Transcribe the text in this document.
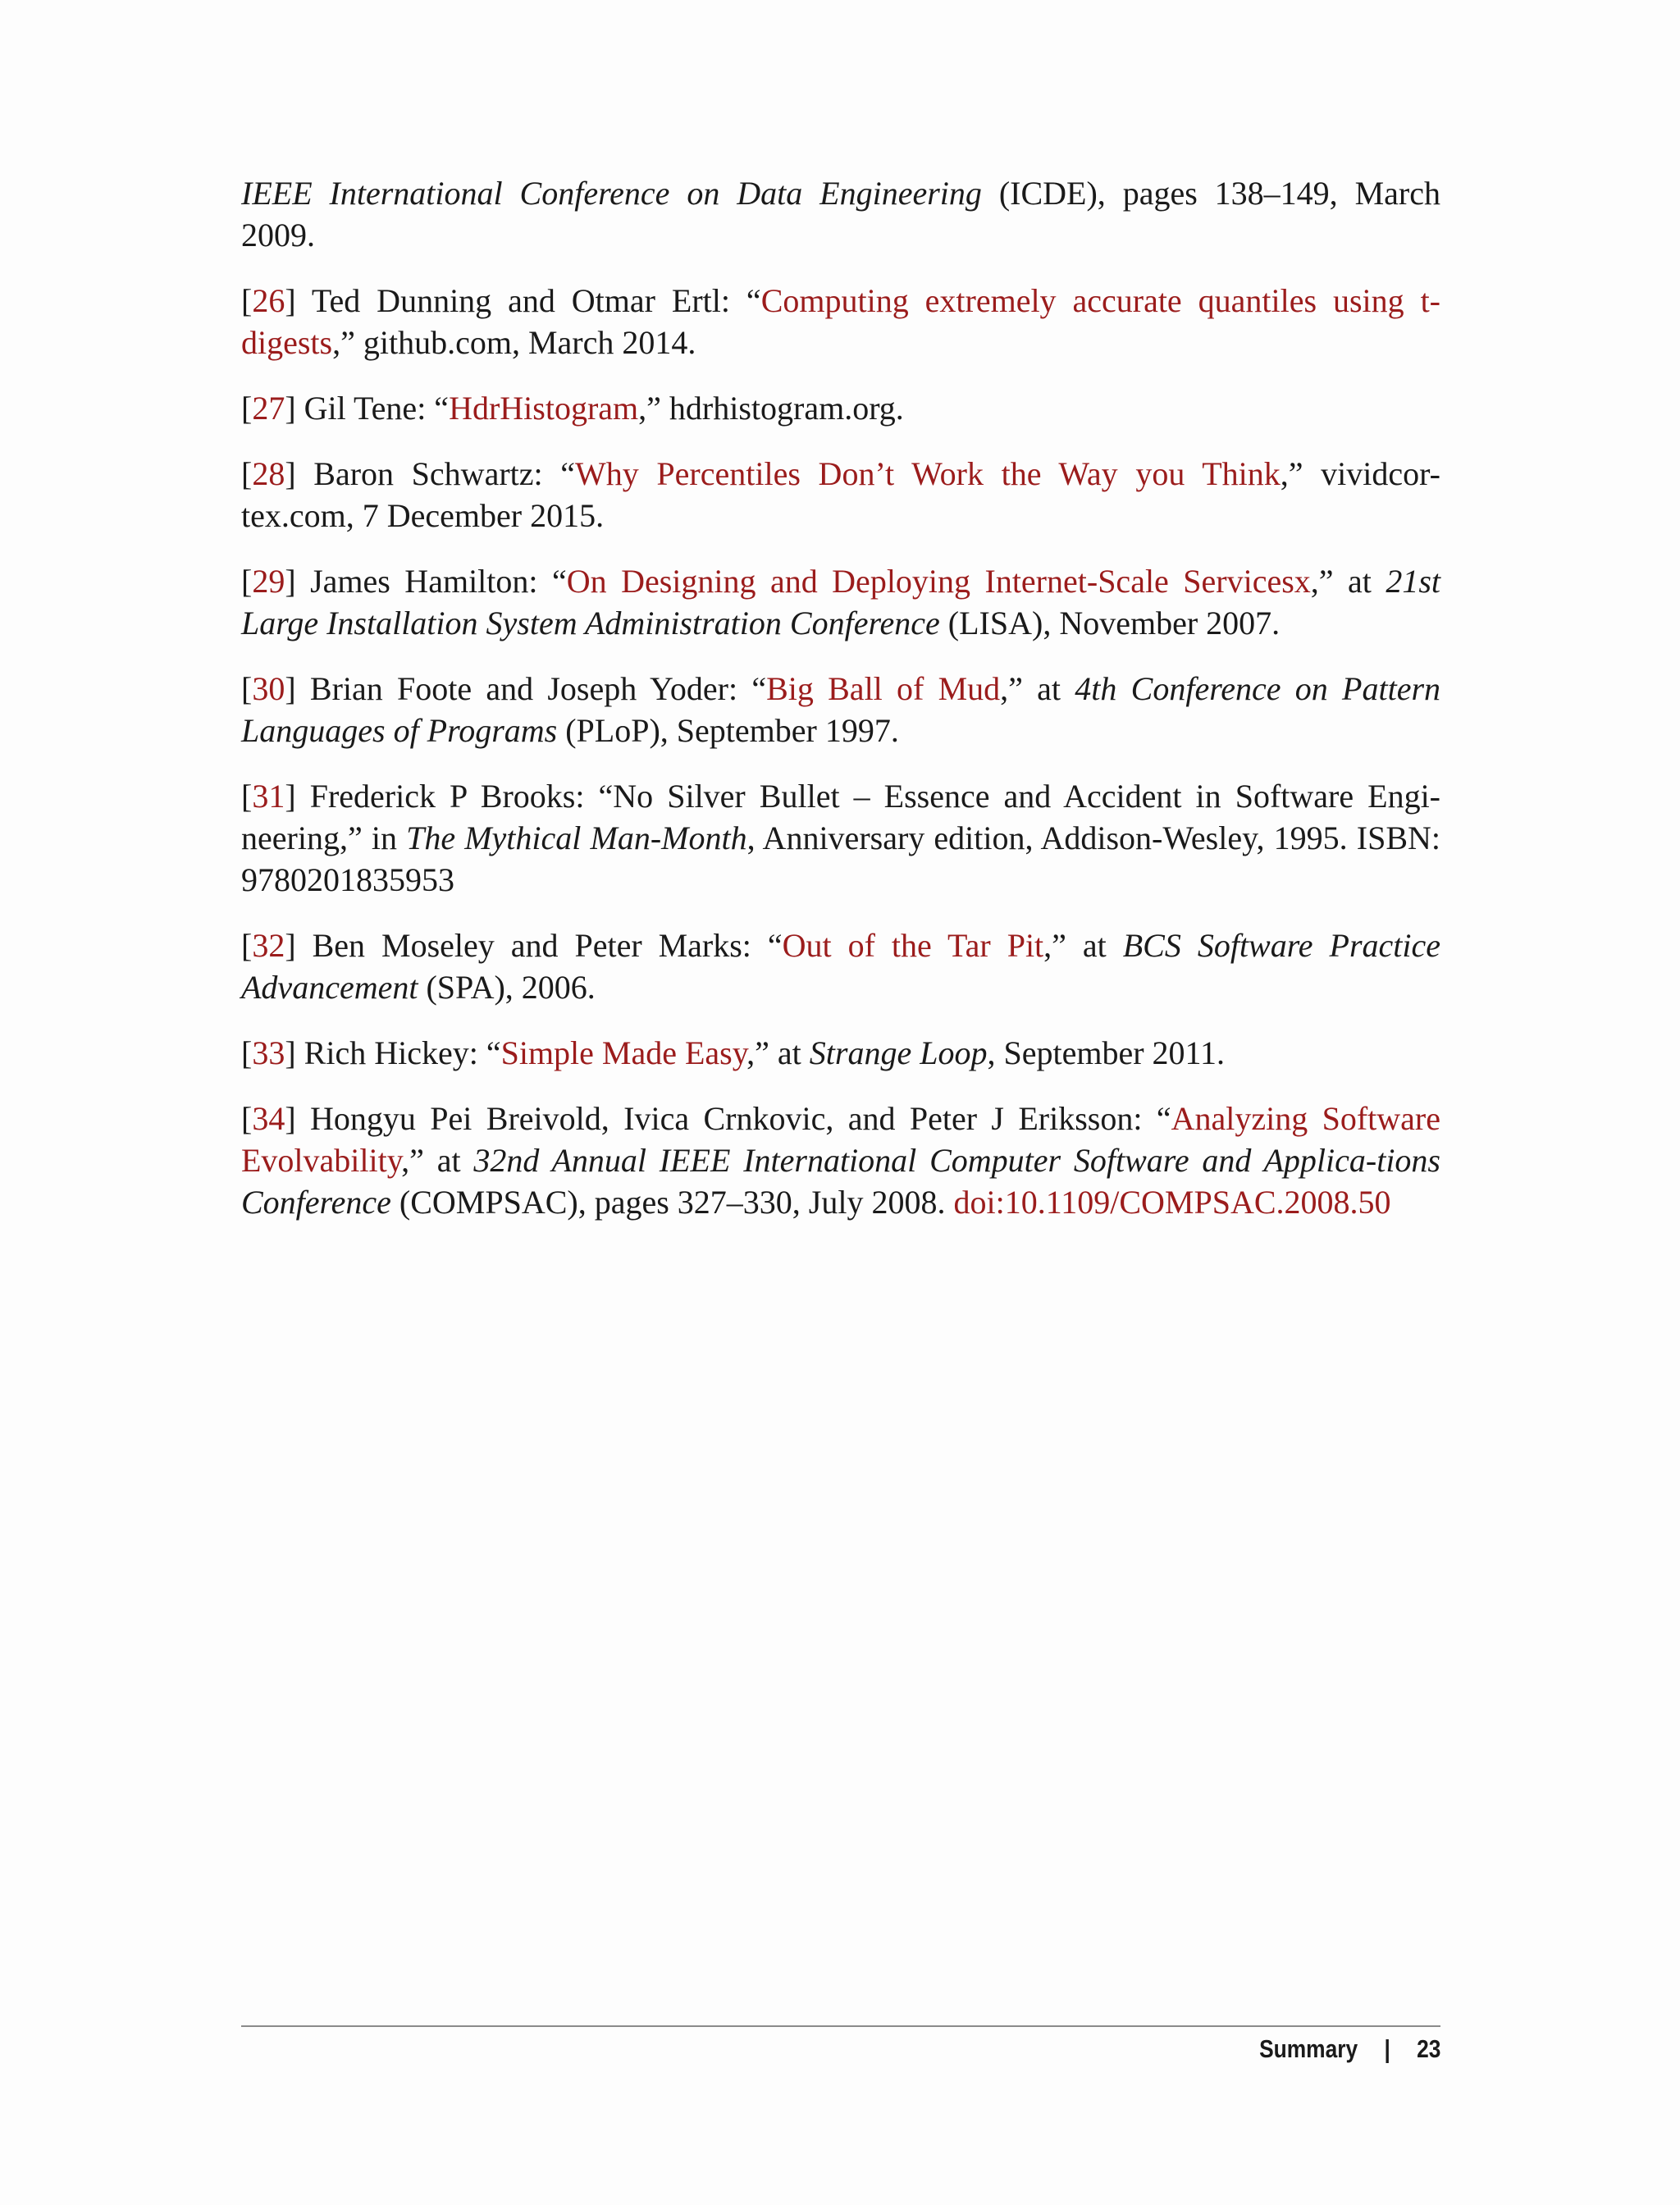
IEEE International Conference on Data Engineering (ICDE), pages 138–149, March 2009.

[26] Ted Dunning and Otmar Ertl: “Computing extremely accurate quantiles using t-digests,” github.com, March 2014.

[27] Gil Tene: “HdrHistogram,” hdrhistogram.org.

[28] Baron Schwartz: “Why Percentiles Don’t Work the Way you Think,” vividcor-tex.com, 7 December 2015.

[29] James Hamilton: “On Designing and Deploying Internet-Scale Servicesx,” at 21st Large Installation System Administration Conference (LISA), November 2007.

[30] Brian Foote and Joseph Yoder: “Big Ball of Mud,” at 4th Conference on Pattern Languages of Programs (PLoP), September 1997.

[31] Frederick P Brooks: “No Silver Bullet – Essence and Accident in Software Engi-neering,” in The Mythical Man-Month, Anniversary edition, Addison-Wesley, 1995. ISBN: 9780201835953

[32] Ben Moseley and Peter Marks: “Out of the Tar Pit,” at BCS Software Practice Advancement (SPA), 2006.

[33] Rich Hickey: “Simple Made Easy,” at Strange Loop, September 2011.

[34] Hongyu Pei Breivold, Ivica Crnkovic, and Peter J Eriksson: “Analyzing Software Evolvability,” at 32nd Annual IEEE International Computer Software and Applica-tions Conference (COMPSAC), pages 327–330, July 2008. doi:10.1109/COMPSAC.2008.50

Summary | 23
